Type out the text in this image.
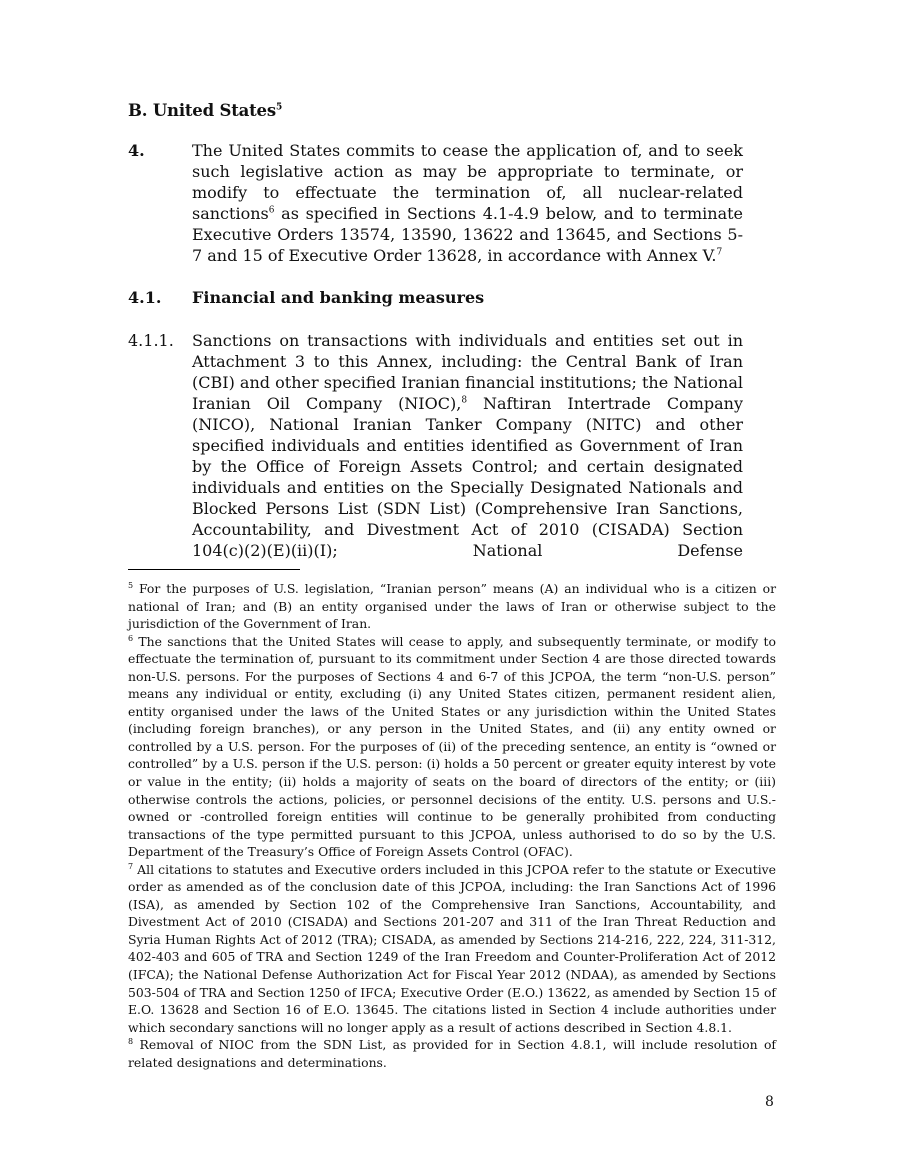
B. United States$^5$
4.	The United States commits to cease the application of, and to seek such legislative action as may be appropriate to terminate, or modify to effectuate the termination of, all nuclear-related sanctions$^6$ as specified in Sections 4.1-4.9 below, and to terminate Executive Orders 13574, 13590, 13622 and 13645, and Sections 5-7 and 15 of Executive Order 13628, in accordance with Annex V.$^7$
4.1.	Financial and banking measures
4.1.1.	Sanctions on transactions with individuals and entities set out in Attachment 3 to this Annex, including: the Central Bank of Iran (CBI) and other specified Iranian financial institutions; the National Iranian Oil Company (NIOC),$^8$ Naftiran Intertrade Company (NICO), National Iranian Tanker Company (NITC) and other specified individuals and entities identified as Government of Iran by the Office of Foreign Assets Control; and certain designated individuals and entities on the Specially Designated Nationals and Blocked Persons List (SDN List) (Comprehensive Iran Sanctions, Accountability, and Divestment Act of 2010 (CISADA) Section 104(c)(2)(E)(ii)(I); National Defense

$^5$ For the purposes of U.S. legislation, “Iranian person” means (A) an individual who is a citizen or national of Iran; and (B) an entity organised under the laws of Iran or otherwise subject to the jurisdiction of the Government of Iran.

$^6$ The sanctions that the United States will cease to apply, and subsequently terminate, or modify to effectuate the termination of, pursuant to its commitment under Section 4 are those directed towards non-U.S. persons. For the purposes of Sections 4 and 6-7 of this JCPOA, the term “non-U.S. person” means any individual or entity, excluding (i) any United States citizen, permanent resident alien, entity organised under the laws of the United States or any jurisdiction within the United States (including foreign branches), or any person in the United States, and (ii) any entity owned or controlled by a U.S. person. For the purposes of (ii) of the preceding sentence, an entity is “owned or controlled” by a U.S. person if the U.S. person: (i) holds a 50 percent or greater equity interest by vote or value in the entity; (ii) holds a majority of seats on the board of directors of the entity; or (iii) otherwise controls the actions, policies, or personnel decisions of the entity. U.S. persons and U.S.-owned or -controlled foreign entities will continue to be generally prohibited from conducting transactions of the type permitted pursuant to this JCPOA, unless authorised to do so by the U.S. Department of the Treasury’s Office of Foreign Assets Control (OFAC).

$^7$ All citations to statutes and Executive orders included in this JCPOA refer to the statute or Executive order as amended as of the conclusion date of this JCPOA, including: the Iran Sanctions Act of 1996 (ISA), as amended by Section 102 of the Comprehensive Iran Sanctions, Accountability, and Divestment Act of 2010 (CISADA) and Sections 201-207 and 311 of the Iran Threat Reduction and Syria Human Rights Act of 2012 (TRA); CISADA, as amended by Sections 214-216, 222, 224, 311-312, 402-403 and 605 of TRA and Section 1249 of the Iran Freedom and Counter-Proliferation Act of 2012 (IFCA); the National Defense Authorization Act for Fiscal Year 2012 (NDAA), as amended by Sections 503-504 of TRA and Section 1250 of IFCA; Executive Order (E.O.) 13622, as amended by Section 15 of E.O. 13628 and Section 16 of E.O. 13645. The citations listed in Section 4 include authorities under which secondary sanctions will no longer apply as a result of actions described in Section 4.8.1.

$^8$ Removal of NIOC from the SDN List, as provided for in Section 4.8.1, will include resolution of related designations and determinations.

8
